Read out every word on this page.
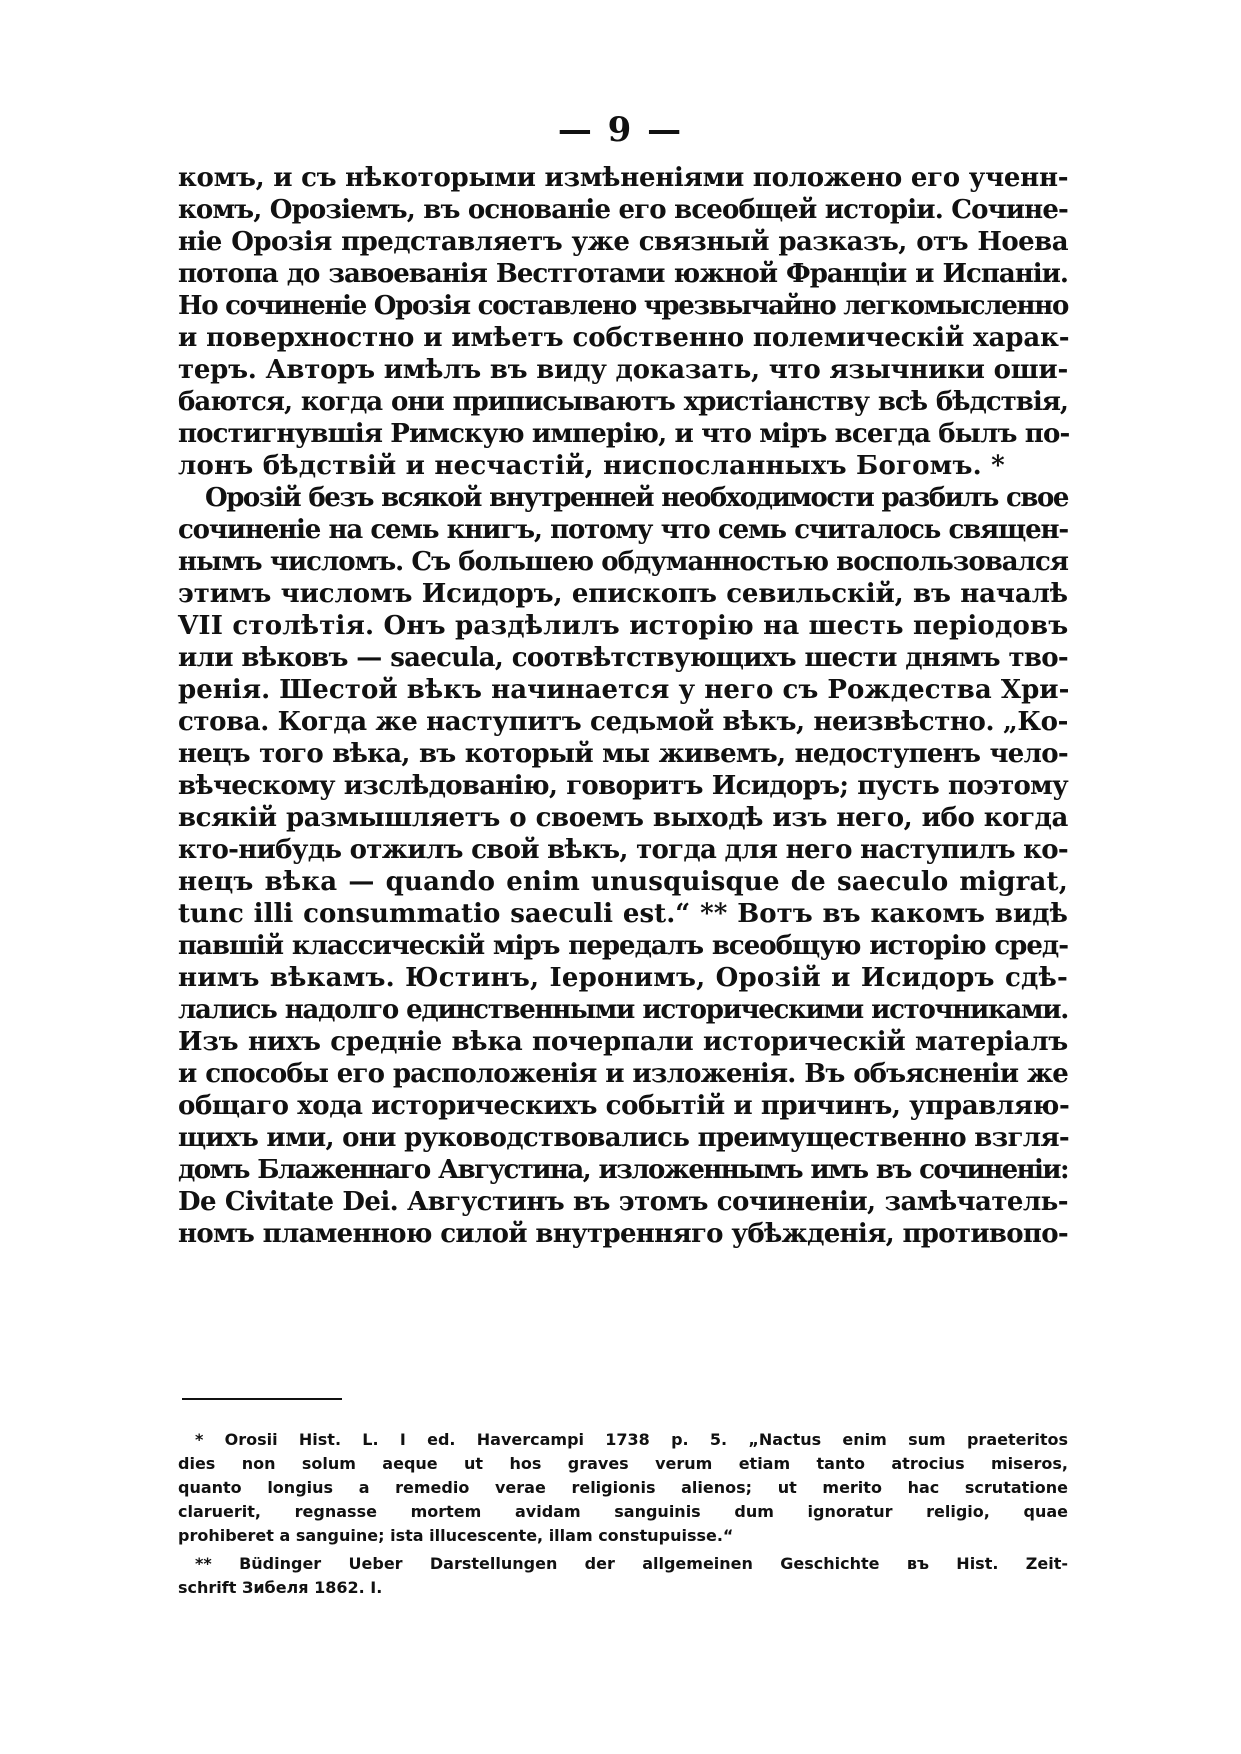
— 9 —

комъ, и съ нѣкоторыми измѣненіями положено его ученн-

комъ, Орозіемъ, въ основаніе его всеобщей исторіи. Сочине-

ніе Орозія представляетъ уже связный разказъ, отъ Ноева

потопа до завоеванія Вестготами южной Франціи и Испаніи.

Но сочиненіе Орозія составлено чрезвычайно легкомысленно

и поверхностно и имѣетъ собственно полемическій харак-

теръ. Авторъ имѣлъ въ виду доказать, что язычники оши-

баются, когда они приписываютъ христіанству всѣ бѣдствія,

постигнувшія Римскую имперію, и что міръ всегда былъ по-

лонъ бѣдствій и несчастій, ниспосланныхъ Богомъ. *

Орозій безъ всякой внутренней необходимости разбилъ свое

сочиненіе на семь книгъ, потому что семь считалось священ-

нымъ числомъ. Съ большею обдуманностью воспользовался

этимъ числомъ Исидоръ, епископъ севильскій, въ началѣ

VII столѣтія. Онъ раздѣлилъ исторію на шесть періодовъ

или вѣковъ — saecula, соотвѣтствующихъ шести днямъ тво-

ренія. Шестой вѣкъ начинается у него съ Рождества Хри-

стова. Когда же наступитъ седьмой вѣкъ, неизвѣстно. „Ко-

нецъ того вѣка, въ который мы живемъ, недоступенъ чело-

вѣческому изслѣдованію, говоритъ Исидоръ; пусть поэтому

всякій размышляетъ о своемъ выходѣ изъ него, ибо когда

кто-нибудь отжилъ свой вѣкъ, тогда для него наступилъ ко-

нецъ вѣка — quando enim unusquisque de saeculo migrat,

tunc illi consummatio saeculi est.“ ** Вотъ въ какомъ видѣ

павшій классическій міръ передалъ всеобщую исторію сред-

нимъ вѣкамъ. Юстинъ, Іеронимъ, Орозій и Исидоръ сдѣ-

лались надолго единственными историческими источниками.

Изъ нихъ средніе вѣка почерпали историческій матеріалъ

и способы его расположенія и изложенія. Въ объясненіи же

общаго хода историческихъ событій и причинъ, управляю-

щихъ ими, они руководствовались преимущественно взгля-

домъ Блаженнаго Августина, изложеннымъ имъ въ сочиненіи:

De Civitate Dei. Августинъ въ этомъ сочиненіи, замѣчатель-

номъ пламенною силой внутренняго убѣжденія, противопо-

* Orosii Hist. L. I ed. Havercampi 1738 p. 5. „Nactus enim sum praeteritos

dies non solum aeque ut hos graves verum etiam tanto atrocius miseros,

quanto longius a remedio verae religionis alienos; ut merito hac scrutatione

claruerit, regnasse mortem avidam sanguinis dum ignoratur religio, quae

prohiberet a sanguine; ista illucescente, illam constupuisse.“

** Büdinger Ueber Darstellungen der allgemeinen Geschichte въ Hist. Zeit-

schrift Зибеля 1862. I.
